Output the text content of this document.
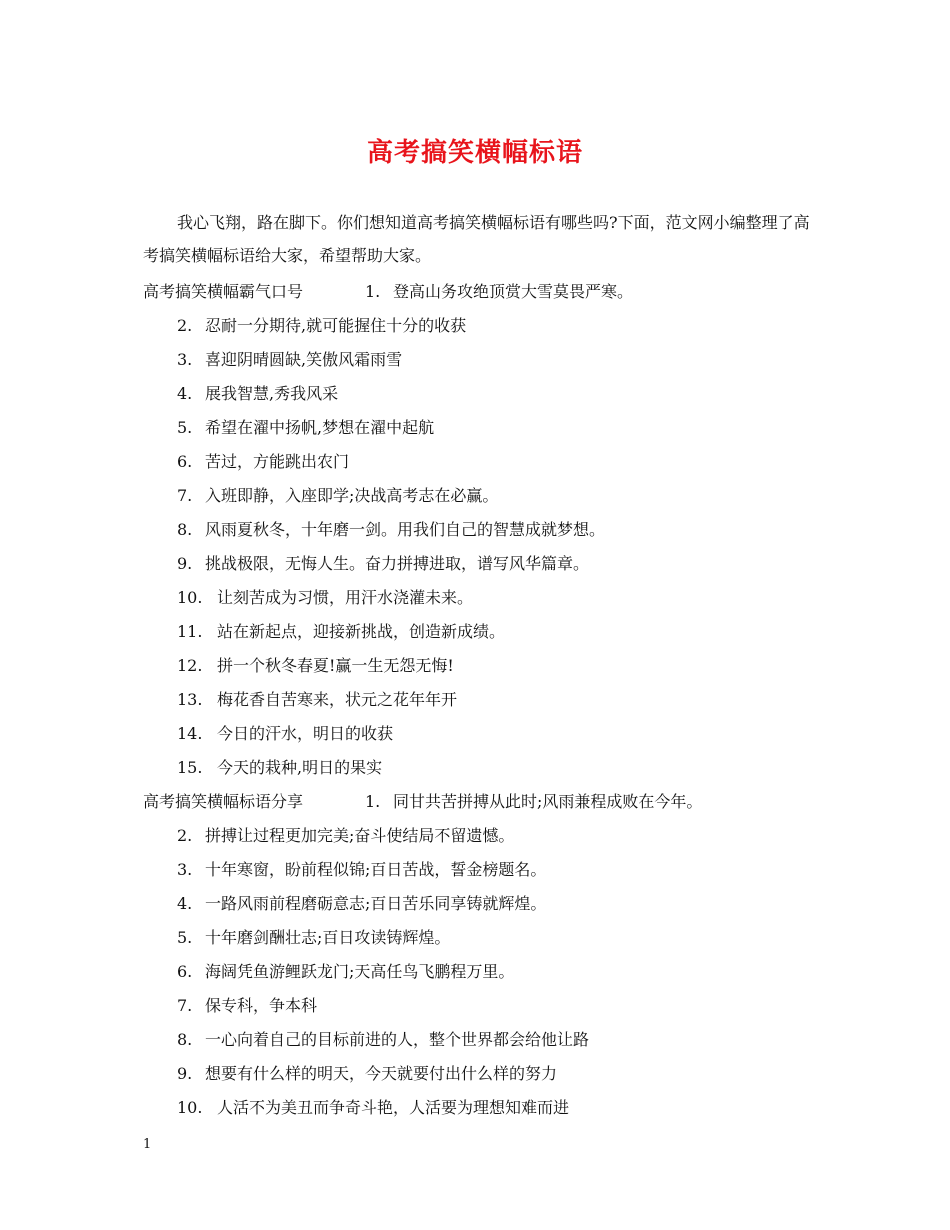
高考搞笑横幅标语
我心飞翔，路在脚下。你们想知道高考搞笑横幅标语有哪些吗?下面，范文网小编整理了高考搞笑横幅标语给大家，希望帮助大家。
高考搞笑横幅霸气口号	1. 登高山务攻绝顶赏大雪莫畏严寒。
2. 忍耐一分期待,就可能握住十分的收获
3. 喜迎阴晴圆缺,笑傲风霜雨雪
4. 展我智慧,秀我风采
5. 希望在濯中扬帆,梦想在濯中起航
6. 苦过，方能跳出农门
7. 入班即静，入座即学;决战高考志在必赢。
8. 风雨夏秋冬，十年磨一剑。用我们自己的智慧成就梦想。
9. 挑战极限，无悔人生。奋力拼搏进取，谱写风华篇章。
10. 让刻苦成为习惯，用汗水浇灌未来。
11. 站在新起点，迎接新挑战，创造新成绩。
12. 拼一个秋冬春夏!赢一生无怨无悔!
13. 梅花香自苦寒来，状元之花年年开
14. 今日的汗水，明日的收获
15. 今天的栽种,明日的果实
高考搞笑横幅标语分享	1. 同甘共苦拼搏从此时;风雨兼程成败在今年。
2. 拼搏让过程更加完美;奋斗使结局不留遗憾。
3. 十年寒窗，盼前程似锦;百日苦战，誓金榜题名。
4. 一路风雨前程磨砺意志;百日苦乐同享铸就辉煌。
5. 十年磨剑酬壮志;百日攻读铸辉煌。
6. 海阔凭鱼游鲤跃龙门;天高任鸟飞鹏程万里。
7. 保专科，争本科
8. 一心向着自己的目标前进的人，整个世界都会给他让路
9. 想要有什么样的明天，今天就要付出什么样的努力
10. 人活不为美丑而争奇斗艳，人活要为理想知难而进
1
